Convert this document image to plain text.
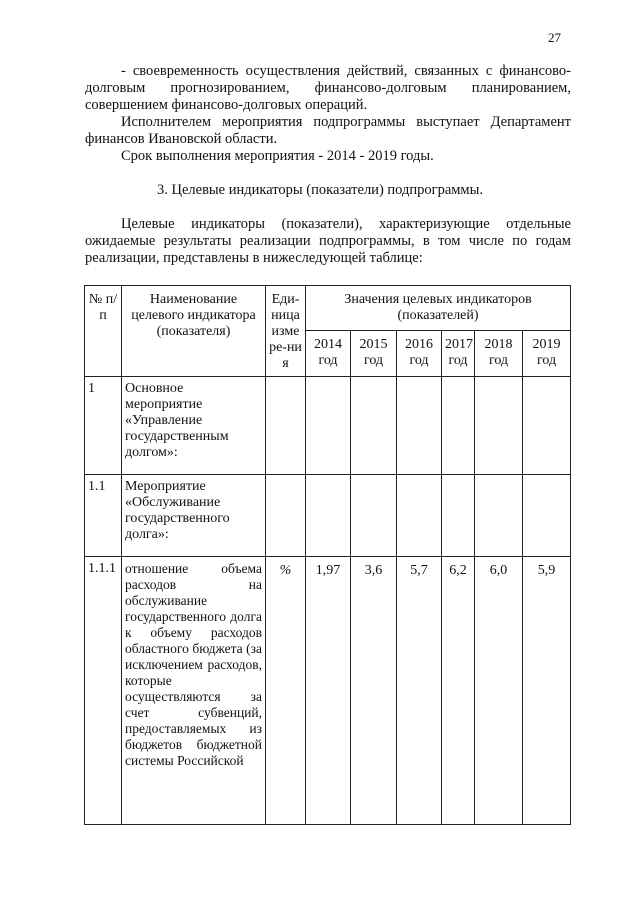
27

- своевременность осуществления действий, связанных с финансово-

долговым прогнозированием, финансово-долговым планированием, совершением финансово-долговых операций.

Исполнителем мероприятия подпрограммы выступает Департамент финансов Ивановской области.

Срок выполнения мероприятия - 2014 - 2019 годы.

3. Целевые индикаторы (показатели) подпрограммы.

Целевые индикаторы (показатели), характеризующие отдельные ожидаемые результаты реализации подпрограммы, в том числе по годам реализации, представлены в нижеследующей таблице:

№ п/п	Наименование целевого индикатора (показателя)	Еди-ница изме ре-ния	Значения целевых индикаторов (показателей)					
			2014 год	2015 год	2016 год	2017 год	2018 год	2019 год
1	Основное мероприятие «Управление государственным долгом»:							
1.1	Мероприятие «Обслуживание государственного долга»:							
1.1.1	отношение объема расходов на обслуживание государственного долга к объему расходов областного бюджета (за исключением расходов, которые осуществляются за счет субвенций, предоставляемых из бюджетов бюджетной системы Российской	%	1,97	3,6	5,7	6,2	6,0	5,9
